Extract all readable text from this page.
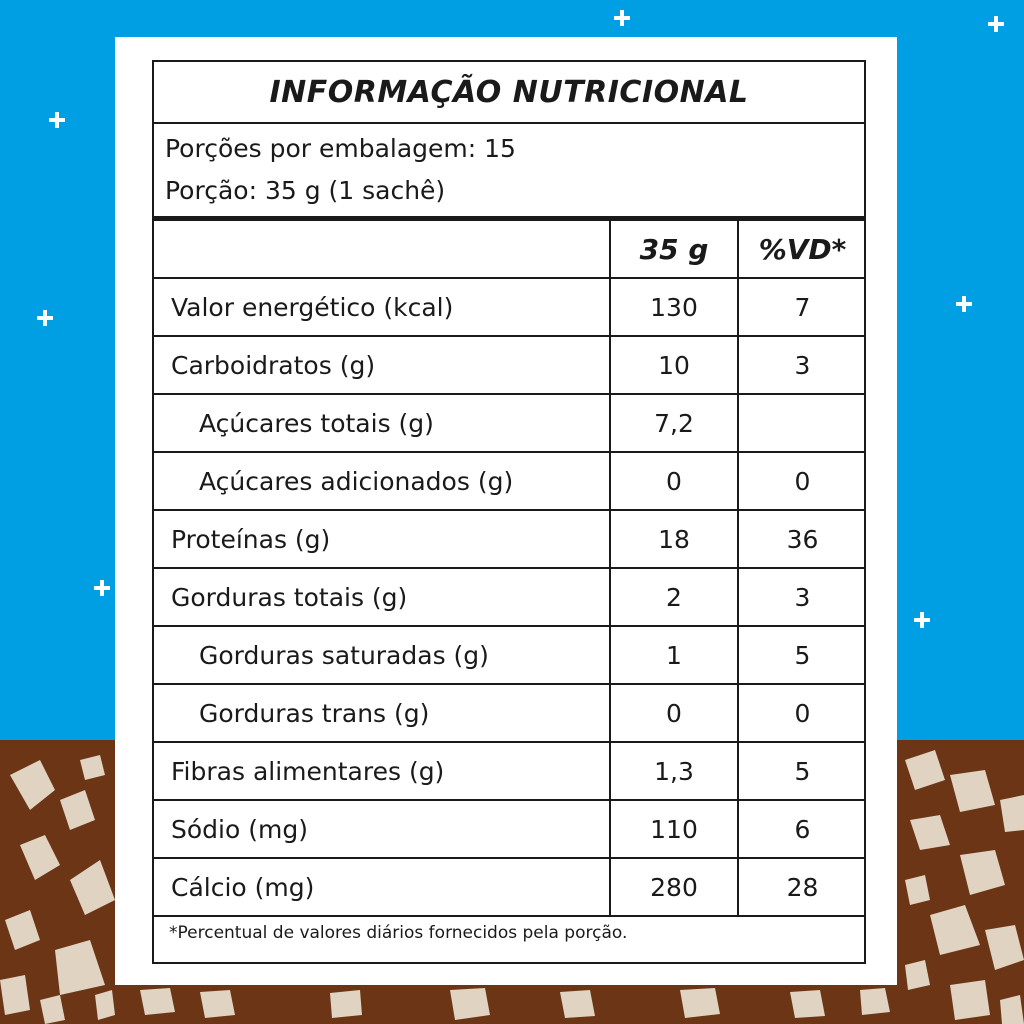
INFORMAÇÃO NUTRICIONAL
Porções por embalagem: 15
Porção: 35 g (1 sachê)
	35 g	%VD*
Valor energético (kcal)	130	7
Carboidratos (g)	10	3
Açúcares totais (g)	7,2	
Açúcares adicionados (g)	0	0
Proteínas (g)	18	36
Gorduras totais (g)	2	3
Gorduras saturadas (g)	1	5
Gorduras trans (g)	0	0
Fibras alimentares (g)	1,3	5
Sódio (mg)	110	6
Cálcio (mg)	280	28
*Percentual de valores diários fornecidos pela porção.
